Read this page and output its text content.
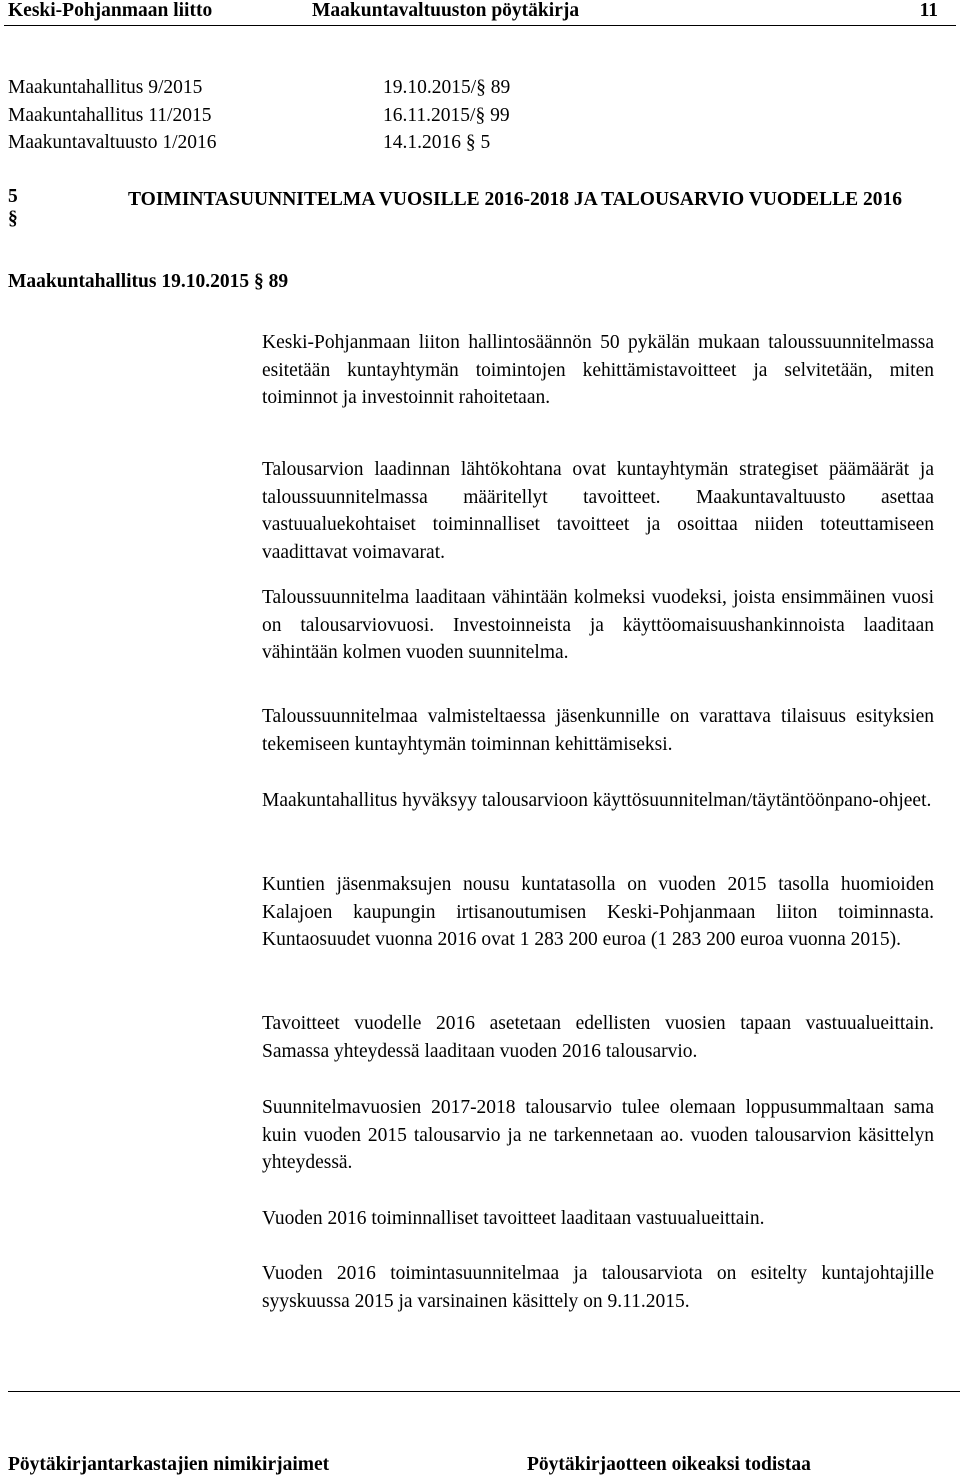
Keski-Pohjanmaan liitto	Maakuntavaltuuston pöytäkirja	11
Maakuntahallitus 9/2015	19.10.2015/§ 89
Maakuntahallitus 11/2015	16.11.2015/§ 99
Maakuntavaltuusto 1/2016	14.1.2016 § 5
5 §
TOIMINTASUUNNITELMA VUOSILLE 2016-2018 JA TALOUSARVIO VUODELLE 2016
Maakuntahallitus 19.10.2015 § 89

Keski-Pohjanmaan liiton hallintosäännön 50 pykälän mukaan taloussuunnitelmassa esitetään kuntayhtymän toimintojen kehittämistavoitteet ja selvitetään, miten toiminnot ja investoinnit rahoitetaan.

Talousarvion laadinnan lähtökohtana ovat kuntayhtymän strategiset päämäärät ja taloussuunnitelmassa määritellyt tavoitteet. Maakuntavaltuusto asettaa vastuualuekohtaiset toiminnalliset tavoitteet ja osoittaa niiden toteuttamiseen vaadittavat voimavarat.

Taloussuunnitelma laaditaan vähintään kolmeksi vuodeksi, joista ensimmäinen vuosi on talousarviovuosi. Investoinneista ja käyttöomaisuushankinnoista laaditaan vähintään kolmen vuoden suunnitelma.

Taloussuunnitelmaa valmisteltaessa jäsenkunnille on varattava tilaisuus esityksien tekemiseen kuntayhtymän toiminnan kehittämiseksi.

Maakuntahallitus hyväksyy talousarvioon käyttösuunnitelman/täytäntöönpano-ohjeet.

Kuntien jäsenmaksujen nousu kuntatasolla on vuoden 2015 tasolla huomioiden Kalajoen kaupungin irtisanoutumisen Keski-Pohjanmaan liiton toiminnasta. Kuntaosuudet vuonna 2016 ovat 1 283 200 euroa (1 283 200 euroa vuonna 2015).

Tavoitteet vuodelle 2016 asetetaan edellisten vuosien tapaan vastuualueittain. Samassa yhteydessä laaditaan vuoden 2016 talousarvio.

Suunnitelmavuosien 2017-2018 talousarvio tulee olemaan loppusummaltaan sama kuin vuoden 2015 talousarvio ja ne tarkennetaan ao. vuoden talousarvion käsittelyn yhteydessä.

Vuoden 2016 toiminnalliset tavoitteet laaditaan vastuualueittain.

Vuoden 2016 toimintasuunnitelmaa ja talousarviota on esitelty kuntajohtajille syyskuussa 2015 ja varsinainen käsittely on 9.11.2015.

Pöytäkirjantarkastajien nimikirjaimet	Pöytäkirjaotteen oikeaksi todistaa
